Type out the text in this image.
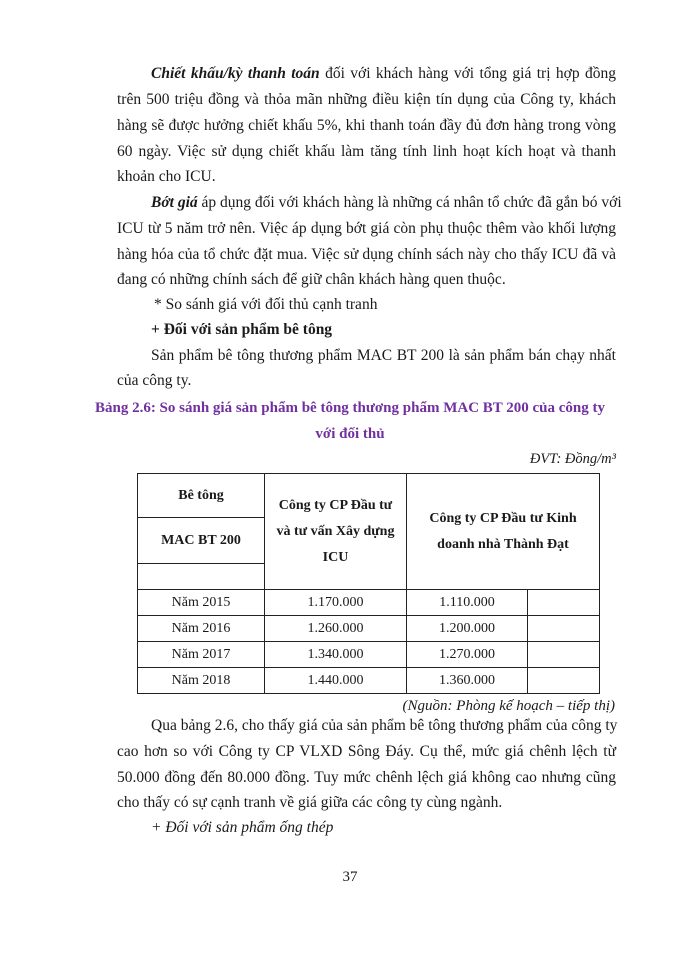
Chiết khấu/kỳ thanh toán đối với khách hàng với tổng giá trị hợp đồng
trên 500 triệu đồng và thỏa mãn những điều kiện tín dụng của Công ty, khách
hàng sẽ được hưởng chiết khấu 5%, khi thanh toán đầy đủ đơn hàng trong vòng
60 ngày. Việc sử dụng chiết khấu làm tăng tính linh hoạt kích hoạt và thanh
khoản cho ICU.
Bớt giá áp dụng đối với khách hàng là những cá nhân tổ chức đã gắn bó với
ICU từ 5 năm trở nên. Việc áp dụng bớt giá còn phụ thuộc thêm vào khối lượng
hàng hóa của tổ chức đặt mua. Việc sử dụng chính sách này cho thấy ICU đã và
đang có những chính sách để giữ chân khách hàng quen thuộc.
* So sánh giá với đối thủ cạnh tranh
+ Đối với sản phẩm bê tông
Sản phẩm bê tông thương phẩm MAC BT 200 là sản phẩm bán chạy nhất
của công ty.
Bảng 2.6: So sánh giá sản phẩm bê tông thương phẩm MAC BT 200 của công ty
với đối thủ
ĐVT: Đồng/m³
Bê tông	Công ty CP Đầu tư và tư vấn Xây dựng ICU	Công ty CP Đầu tư Kinh doanh nhà Thành Đạt	
MAC BT 200			

Năm 2015	1.170.000	1.110.000	
Năm 2016	1.260.000	1.200.000	
Năm 2017	1.340.000	1.270.000	
Năm 2018	1.440.000	1.360.000	
(Nguồn: Phòng kế hoạch – tiếp thị)
Qua bảng 2.6, cho thấy giá của sản phẩm bê tông thương phẩm của công ty
cao hơn so với Công ty CP VLXD Sông Đáy. Cụ thể, mức giá chênh lệch từ
50.000 đồng đến 80.000 đồng. Tuy mức chênh lệch giá không cao nhưng cũng
cho thấy có sự cạnh tranh về giá giữa các công ty cùng ngành.
+ Đối với sản phẩm ống thép
37
